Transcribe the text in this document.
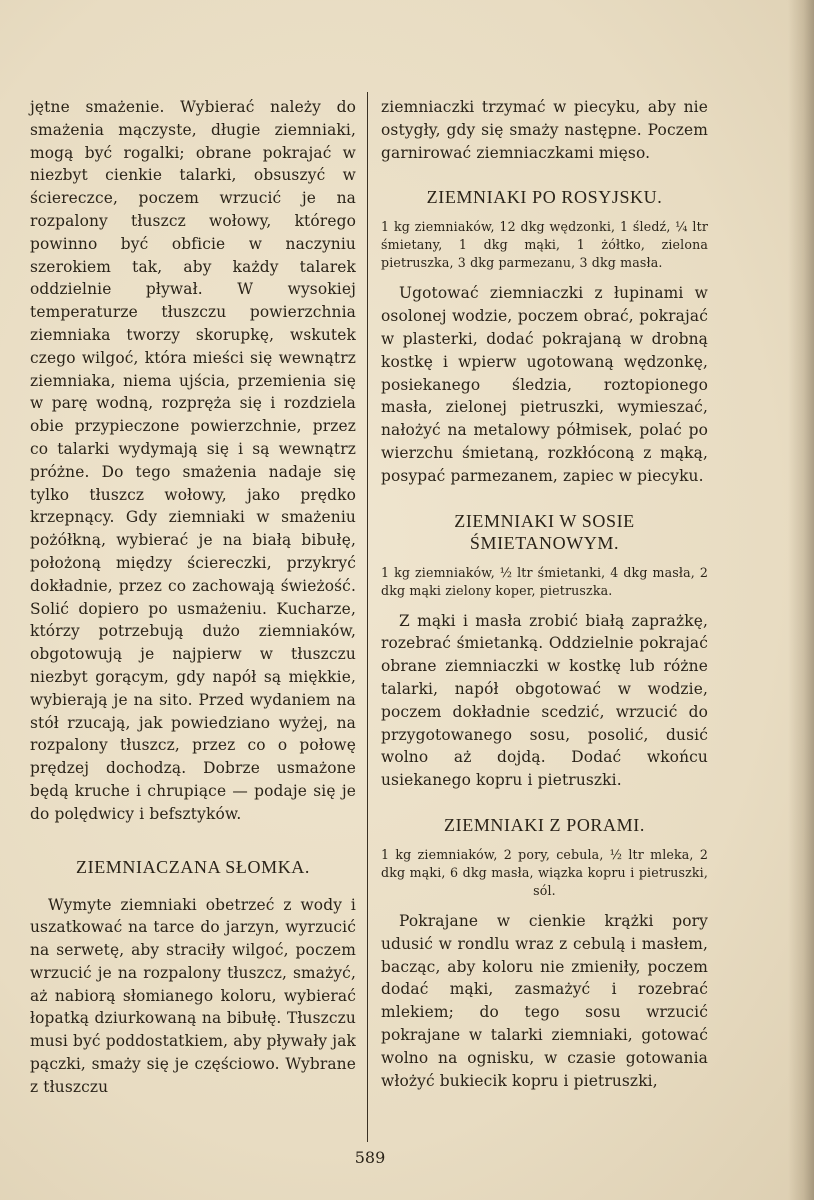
jętne smażenie. Wybierać należy do smażenia mączyste, długie ziemniaki, mogą być rogalki; obrane pokrajać w niezbyt cienkie talarki, obsuszyć w ściereczce, poczem wrzucić je na rozpalony tłuszcz wołowy, którego powinno być obficie w naczyniu szerokiem tak, aby każdy talarek oddzielnie pływał. W wysokiej temperaturze tłuszczu powierzchnia ziemniaka tworzy skorupkę, wskutek czego wilgoć, która mieści się wewnątrz ziemniaka, niema ujścia, przemienia się w parę wodną, rozpręża się i rozdziela obie przypieczone powierzchnie, przez co talarki wydymają się i są wewnątrz próżne. Do tego smażenia nadaje się tylko tłuszcz wołowy, jako prędko krzepnący. Gdy ziemniaki w smażeniu pożółkną, wybierać je na białą bibułę, położoną między ściereczki, przykryć dokładnie, przez co zachowają świeżość. Solić dopiero po usmażeniu. Kucharze, którzy potrzebują dużo ziemniaków, obgotowują je najpierw w tłuszczu niezbyt gorącym, gdy napół są miękkie, wybierają je na sito. Przed wydaniem na stół rzucają, jak powiedziano wyżej, na rozpalony tłuszcz, przez co o połowę prędzej dochodzą. Dobrze usmażone będą kruche i chrupiące — podaje się je do polędwicy i befsztyków.

ZIEMNIACZANA SŁOMKA.

Wymyte ziemniaki obetrzeć z wody i uszatkować na tarce do jarzyn, wyrzucić na serwetę, aby straciły wilgoć, poczem wrzucić je na rozpalony tłuszcz, smażyć, aż nabiorą słomianego koloru, wybierać łopatką dziurkowaną na bibułę. Tłuszczu musi być poddostatkiem, aby pływały jak pączki, smaży się je częściowo. Wybrane z tłuszczu

ziemniaczki trzymać w piecyku, aby nie ostygły, gdy się smaży następne. Poczem garnirować ziemniaczkami mięso.

ZIEMNIAKI PO ROSYJSKU.

1 kg ziemniaków, 12 dkg wędzonki, 1 śledź, ¼ ltr śmietany, 1 dkg mąki, 1 żółtko, zielona pietruszka, 3 dkg parmezanu, 3 dkg masła.

Ugotować ziemniaczki z łupinami w osolonej wodzie, poczem obrać, pokrajać w plasterki, dodać pokrajaną w drobną kostkę i wpierw ugotowaną wędzonkę, posiekanego śledzia, roztopionego masła, zielonej pietruszki, wymieszać, nałożyć na metalowy półmisek, polać po wierzchu śmietaną, rozkłóconą z mąką, posypać parmezanem, zapiec w piecyku.

ZIEMNIAKI W SOSIE
ŚMIETANOWYM.

1 kg ziemniaków, ½ ltr śmietanki, 4 dkg masła, 2 dkg mąki zielony koper, pietruszka.

Z mąki i masła zrobić białą zaprażkę, rozebrać śmietanką. Oddzielnie pokrajać obrane ziemniaczki w kostkę lub różne talarki, napół obgotować w wodzie, poczem dokładnie scedzić, wrzucić do przygotowanego sosu, posolić, dusić wolno aż dojdą. Dodać wkońcu usiekanego kopru i pietruszki.

ZIEMNIAKI Z PORAMI.

1 kg ziemniaków, 2 pory, cebula, ½ ltr mleka, 2 dkg mąki, 6 dkg masła, wiązka kopru i pietruszki, sól.

Pokrajane w cienkie krążki pory udusić w rondlu wraz z cebulą i masłem, bacząc, aby koloru nie zmieniły, poczem dodać mąki, zasmażyć i rozebrać mlekiem; do tego sosu wrzucić pokrajane w talarki ziemniaki, gotować wolno na ognisku, w czasie gotowania włożyć bukiecik kopru i pietruszki,

589
